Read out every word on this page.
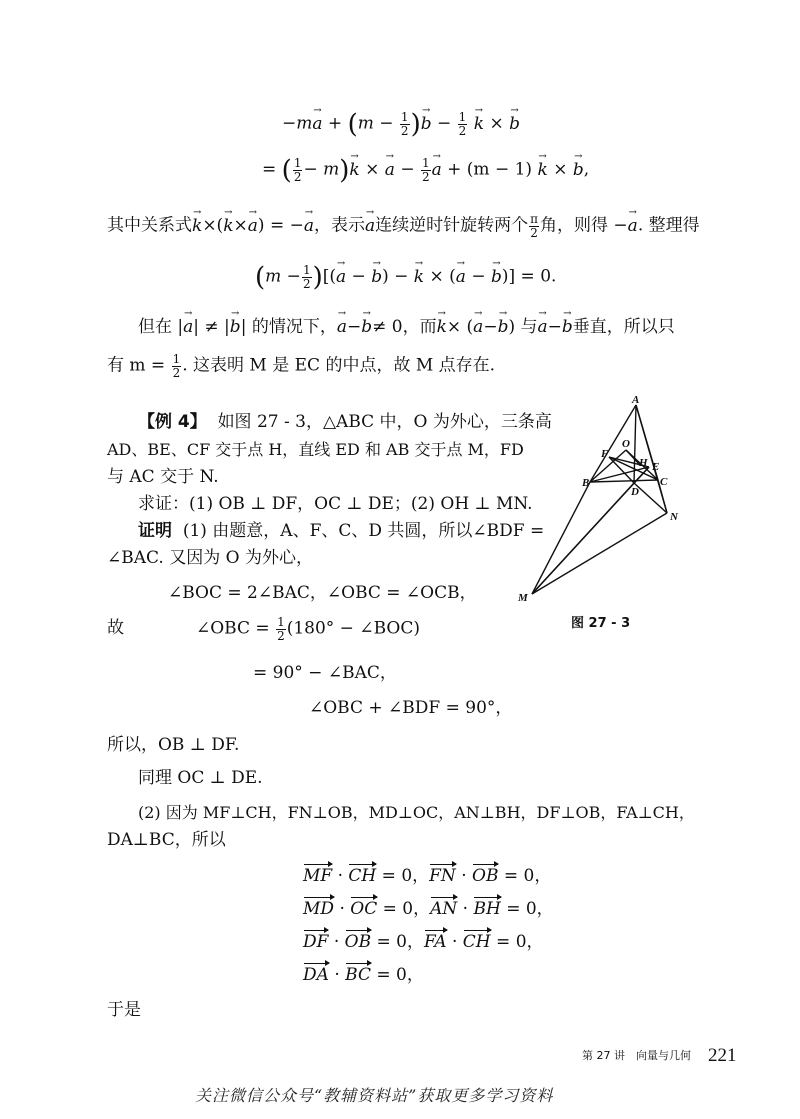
$-m\to a + (m - \frac{1}{2}$ )→ $b - \frac{1}{2}$
→ k × → b
= ( $\frac{1}{2} - m)\to k$ × → $a - \frac{1}{2}$
→ a + (m − 1) → k × → b,
其中关系式→ k×(→ k×→ a) = −→ a，表示→ a连续逆时针旋转两个 $\frac{\pi}{2}$ 角，则得 −→ a. 整理得
($m - \frac{1}{2}$ )[(→ a − → b) − → k × (→ a − → b)] = 0.
但在 |→ a| ≠ |→ b| 的情况下，→ a−→ b≠ 0，而→ k× (→ a−→ b) 与→ a−→ b垂直，所以只
有 $m = \frac{1}{2}$ . 这表明 M 是 EC 的中点，故 M 点存在.
【例 4】 如图 27 - 3，△ABC 中，O 为外心，三条高
AD、BE、CF 交于点 H，直线 ED 和 AB 交于点 M，FD
与 AC 交于 N.
求证：(1) OB ⊥ DF，OC ⊥ DE；(2) OH ⊥ MN.
证明 (1) 由题意，A、F、C、D 共圆，所以∠BDF =
∠BAC. 又因为 O 为外心，
∠BOC = 2∠BAC，∠OBC = ∠OCB，
故	∠OBC = $\frac{1}{2} (180^\circ$ − ∠BOC)
= 90° − ∠BAC，
∠OBC + ∠BDF = 90°，
所以，OB ⊥ DF.
同理 OC ⊥ DE.
(2) 因为 MF⊥CH，FN⊥OB，MD⊥OC，AN⊥BH，DF⊥OB，FA⊥CH，
DA⊥BC，所以
MF · CH = 0，FN · OB = 0，
MD · OC = 0，AN · BH = 0，
DF · OB = 0，FA · CH = 0，
DA · BC = 0，
于是
A
O
F
H E
B	C
D
N
M
图 27 - 3
第 27 讲　向量与几何 221
关注微信公众号“教辅资料站”获取更多学习资料
